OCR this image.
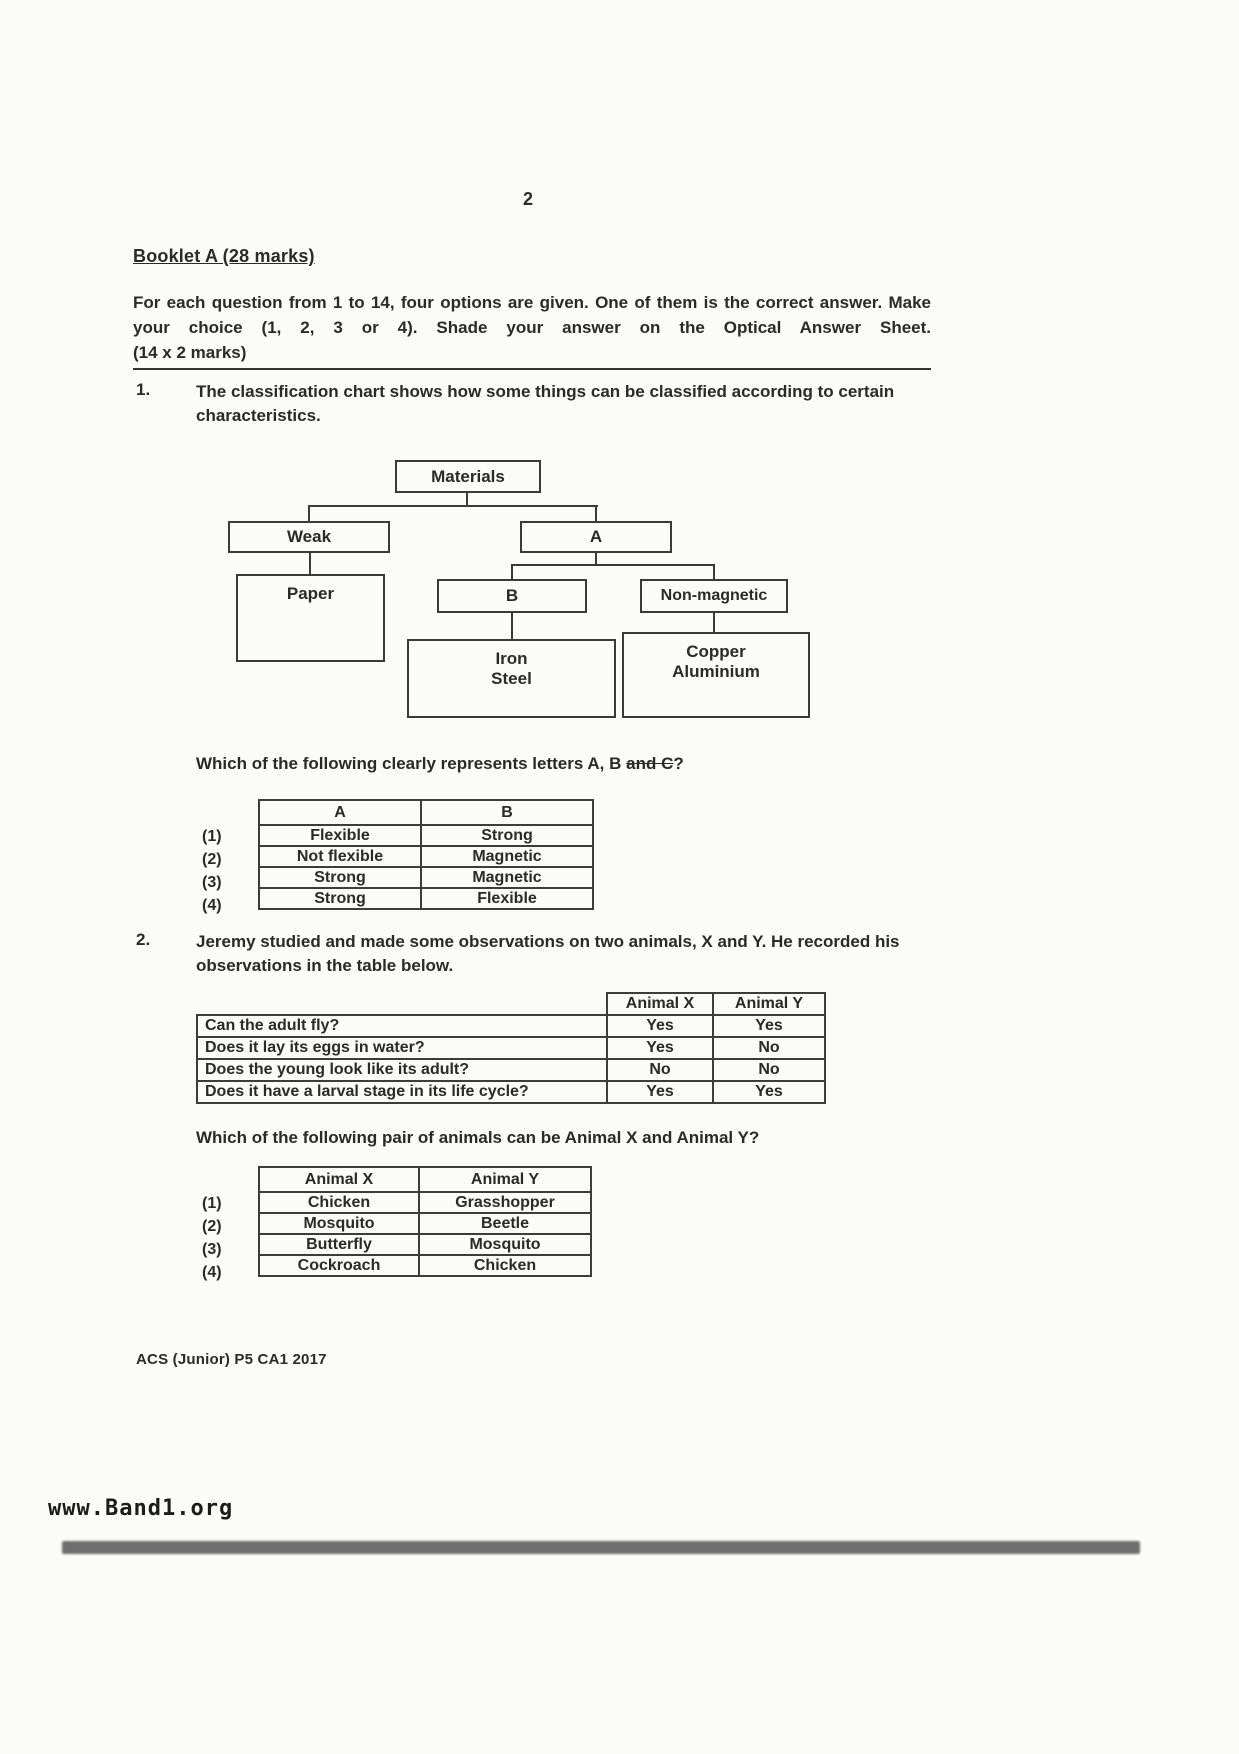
2
Booklet A (28 marks)
For each question from 1 to 14, four options are given. One of them is the correct answer. Make your choice (1, 2, 3 or 4). Shade your answer on the Optical Answer Sheet.
(14 x 2 marks)
1.	The classification chart shows how some things can be classified according to certain characteristics.
Materials
Weak	A
Paper	B	Non-magnetic
Iron
Steel
Copper
Aluminium
Which of the following clearly represents letters A, B and C?
(1)
(2)
(3)
(4)
A	B
Flexible	Strong
Not flexible	Magnetic
Strong	Magnetic
Strong	Flexible
2.	Jeremy studied and made some observations on two animals, X and Y. He recorded his observations in the table below.
	Animal X	Animal Y
Can the adult fly?	Yes	Yes
Does it lay its eggs in water?	Yes	No
Does the young look like its adult?	No	No
Does it have a larval stage in its life cycle?	Yes	Yes
Which of the following pair of animals can be Animal X and Animal Y?
(1)
(2)
(3)
(4)
Animal X	Animal Y
Chicken	Grasshopper
Mosquito	Beetle
Butterfly	Mosquito
Cockroach	Chicken
ACS (Junior) P5 CA1 2017
www.Band1.org
